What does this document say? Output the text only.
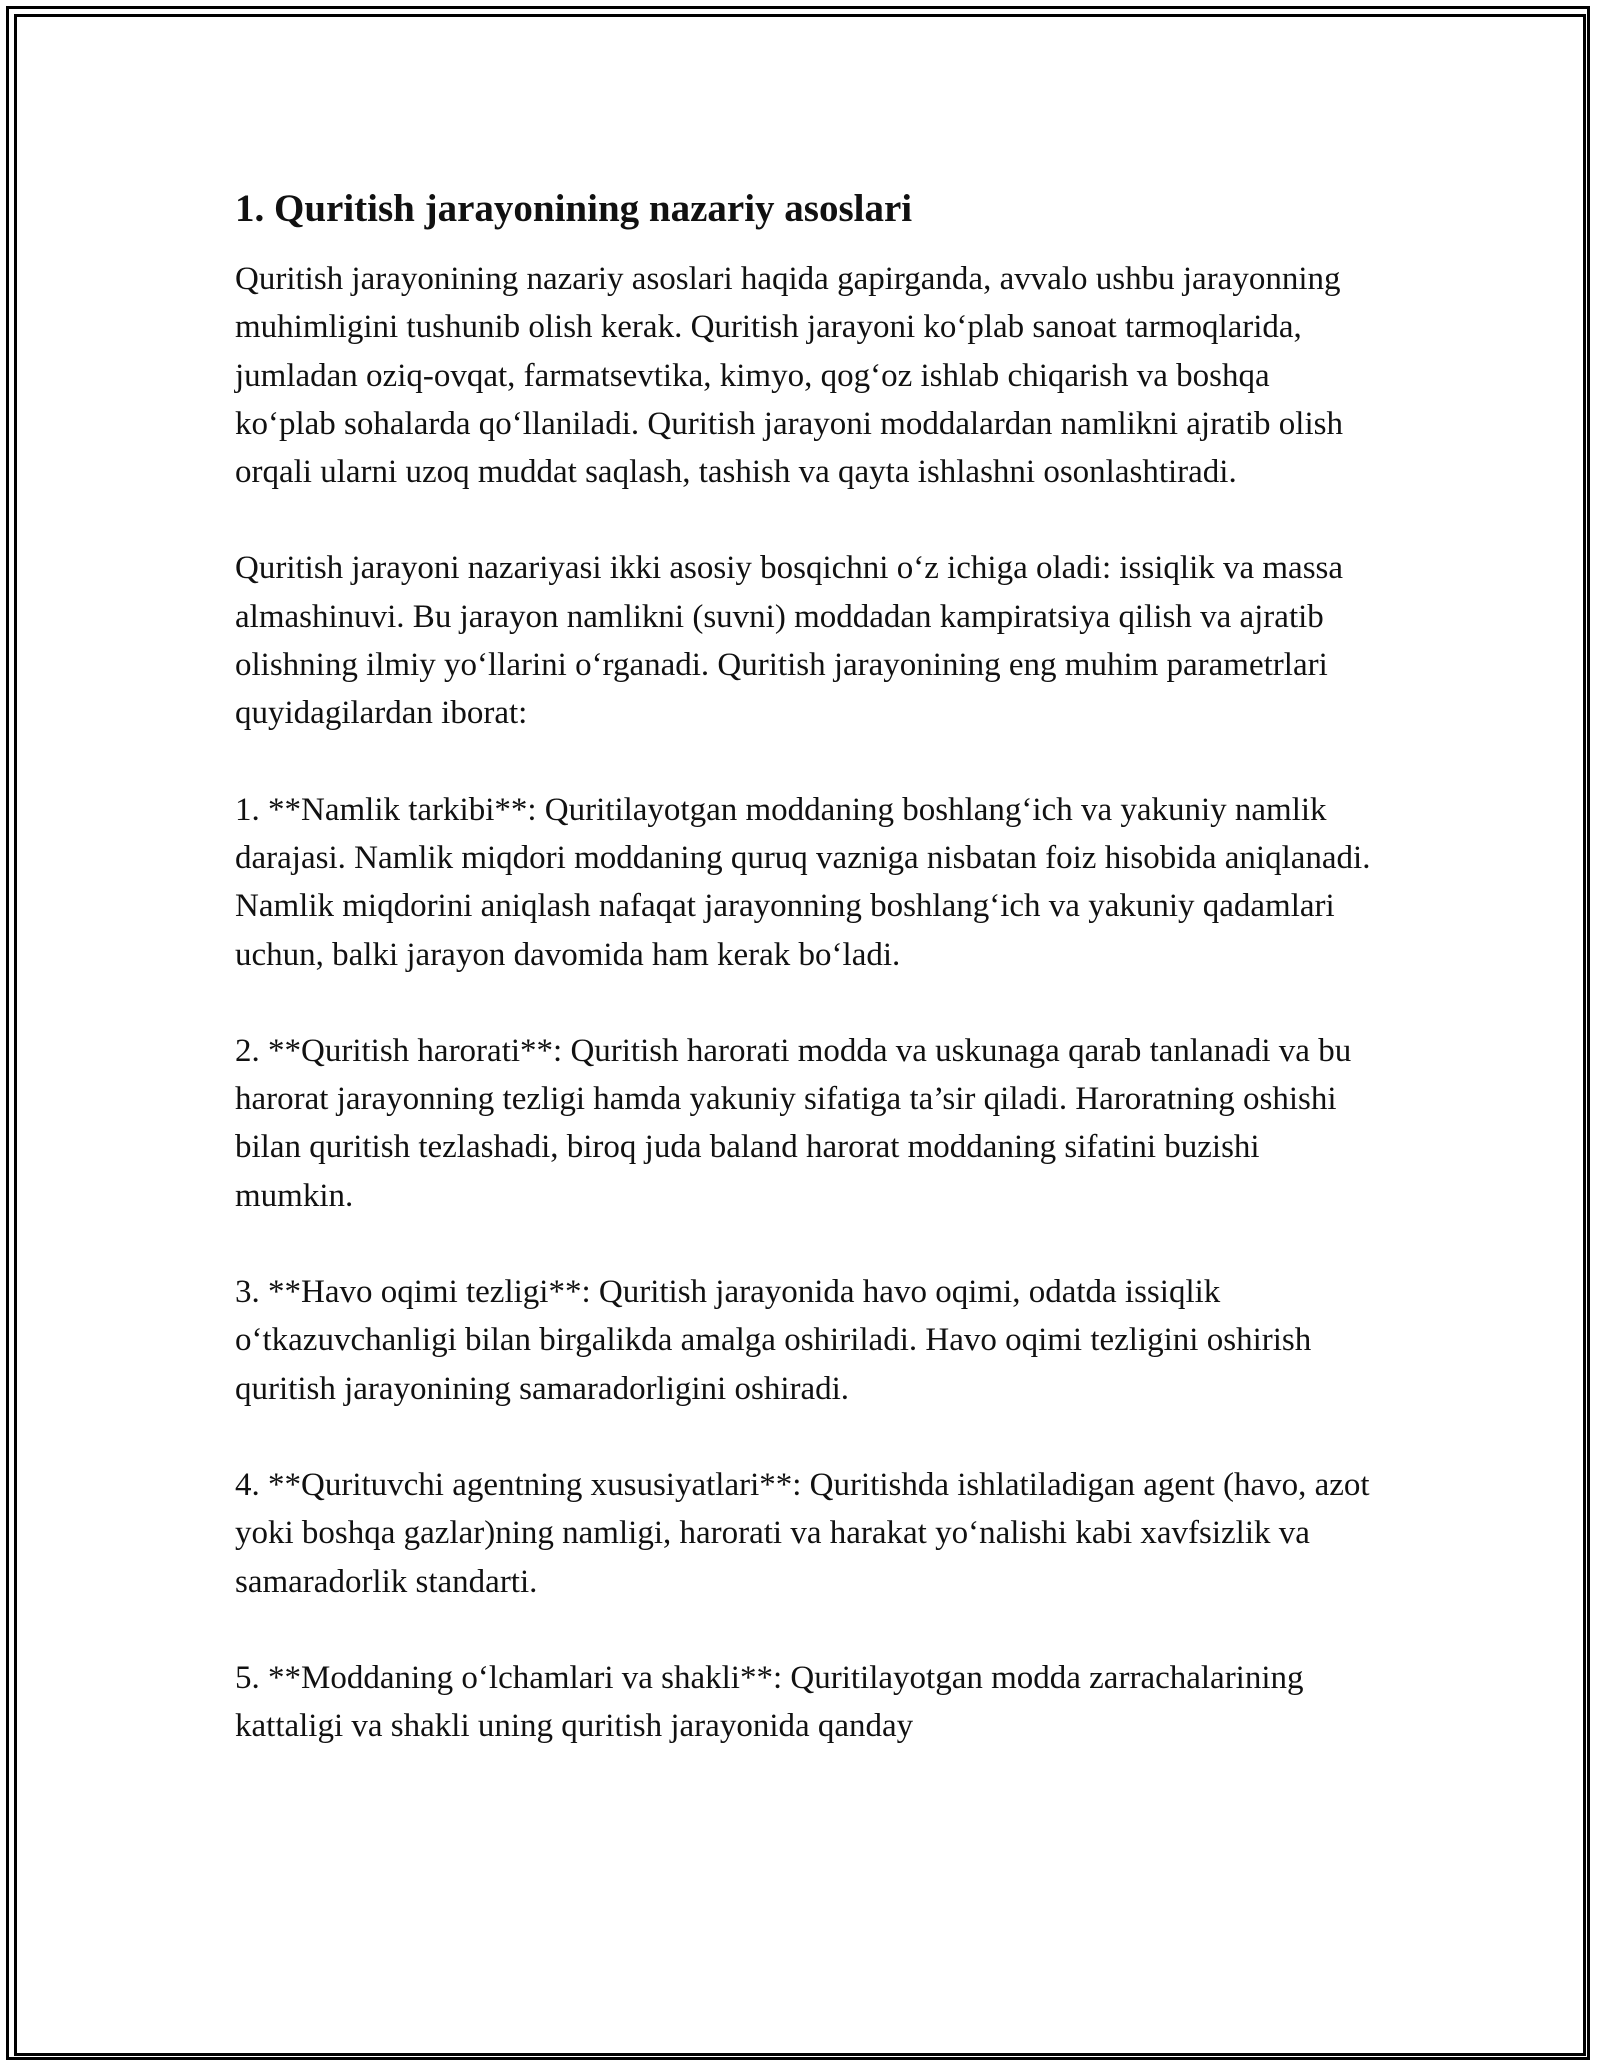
1. Quritish jarayonining nazariy asoslari

Quritish jarayonining nazariy asoslari haqida gapirganda, avvalo ushbu jarayonning muhimligini tushunib olish kerak. Quritish jarayoni ko‘plab sanoat tarmoqlarida, jumladan oziq-ovqat, farmatsevtika, kimyo, qog‘oz ishlab chiqarish va boshqa ko‘plab sohalarda qo‘llaniladi. Quritish jarayoni moddalardan namlikni ajratib olish orqali ularni uzoq muddat saqlash, tashish va qayta ishlashni osonlashtiradi.

Quritish jarayoni nazariyasi ikki asosiy bosqichni o‘z ichiga oladi: issiqlik va massa almashinuvi. Bu jarayon namlikni (suvni) moddadan kampiratsiya qilish va ajratib olishning ilmiy yo‘llarini o‘rganadi. Quritish jarayonining eng muhim parametrlari quyidagilardan iborat:

1. **Namlik tarkibi**: Quritilayotgan moddaning boshlang‘ich va yakuniy namlik darajasi. Namlik miqdori moddaning quruq vazniga nisbatan foiz hisobida aniqlanadi. Namlik miqdorini aniqlash nafaqat jarayonning boshlang‘ich va yakuniy qadamlari uchun, balki jarayon davomida ham kerak bo‘ladi.

2. **Quritish harorati**: Quritish harorati modda va uskunaga qarab tanlanadi va bu harorat jarayonning tezligi hamda yakuniy sifatiga ta’sir qiladi. Haroratning oshishi bilan quritish tezlashadi, biroq juda baland harorat moddaning sifatini buzishi mumkin.

3. **Havo oqimi tezligi**: Quritish jarayonida havo oqimi, odatda issiqlik o‘tkazuvchanligi bilan birgalikda amalga oshiriladi. Havo oqimi tezligini oshirish quritish jarayonining samaradorligini oshiradi.

4. **Qurituvchi agentning xususiyatlari**: Quritishda ishlatiladigan agent (havo, azot yoki boshqa gazlar)ning namligi, harorati va harakat yo‘nalishi kabi xavfsizlik va samaradorlik standarti.

5. **Moddaning o‘lchamlari va shakli**: Quritilayotgan modda zarrachalarining kattaligi va shakli uning quritish jarayonida qanday
